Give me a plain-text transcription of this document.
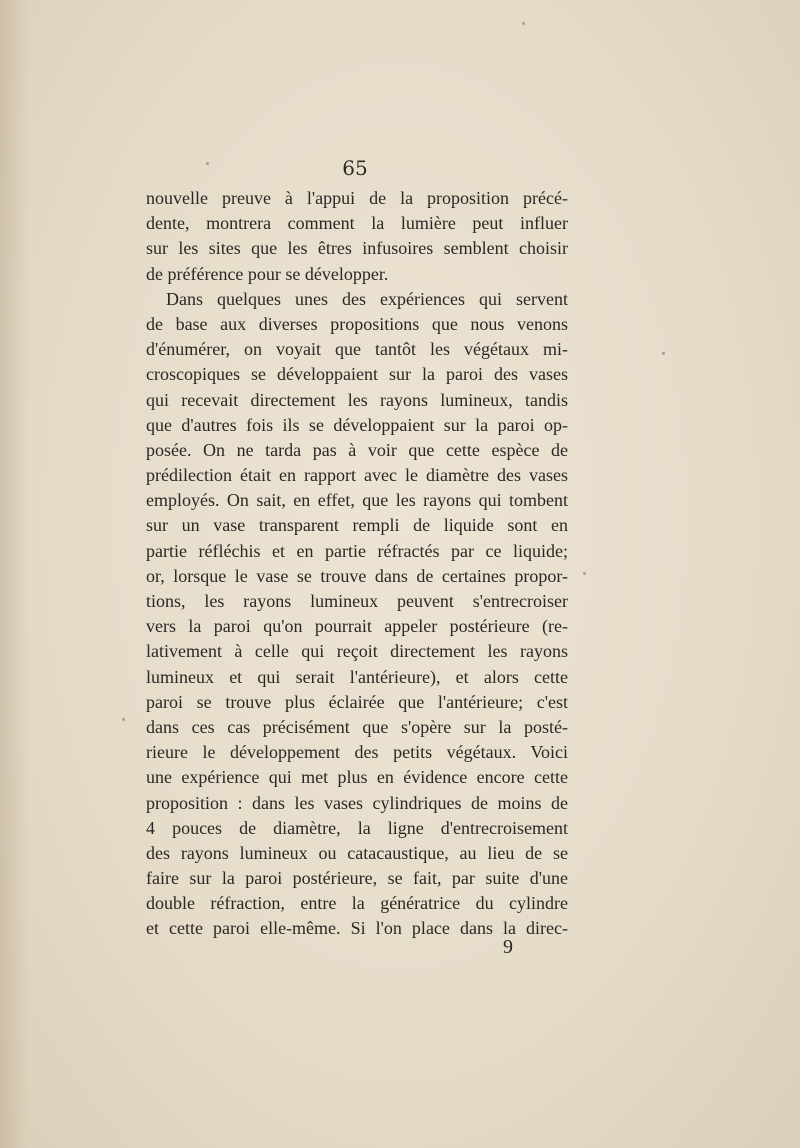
65
nouvelle preuve à l'appui de la proposition précé-
dente, montrera comment la lumière peut influer
sur les sites que les êtres infusoires semblent choisir
de préférence pour se développer.
Dans quelques unes des expériences qui servent
de base aux diverses propositions que nous venons
d'énumérer, on voyait que tantôt les végétaux mi-
croscopiques se développaient sur la paroi des vases
qui recevait directement les rayons lumineux, tandis
que d'autres fois ils se développaient sur la paroi op-
posée. On ne tarda pas à voir que cette espèce de
prédilection était en rapport avec le diamètre des vases
employés. On sait, en effet, que les rayons qui tombent
sur un vase transparent rempli de liquide sont en
partie réfléchis et en partie réfractés par ce liquide;
or, lorsque le vase se trouve dans de certaines propor-
tions, les rayons lumineux peuvent s'entrecroiser
vers la paroi qu'on pourrait appeler postérieure (re-
lativement à celle qui reçoit directement les rayons
lumineux et qui serait l'antérieure), et alors cette
paroi se trouve plus éclairée que l'antérieure; c'est
dans ces cas précisément que s'opère sur la posté-
rieure le développement des petits végétaux. Voici
une expérience qui met plus en évidence encore cette
proposition : dans les vases cylindriques de moins de
4 pouces de diamètre, la ligne d'entrecroisement
des rayons lumineux ou catacaustique, au lieu de se
faire sur la paroi postérieure, se fait, par suite d'une
double réfraction, entre la génératrice du cylindre
et cette paroi elle-même. Si l'on place dans la direc-
9
